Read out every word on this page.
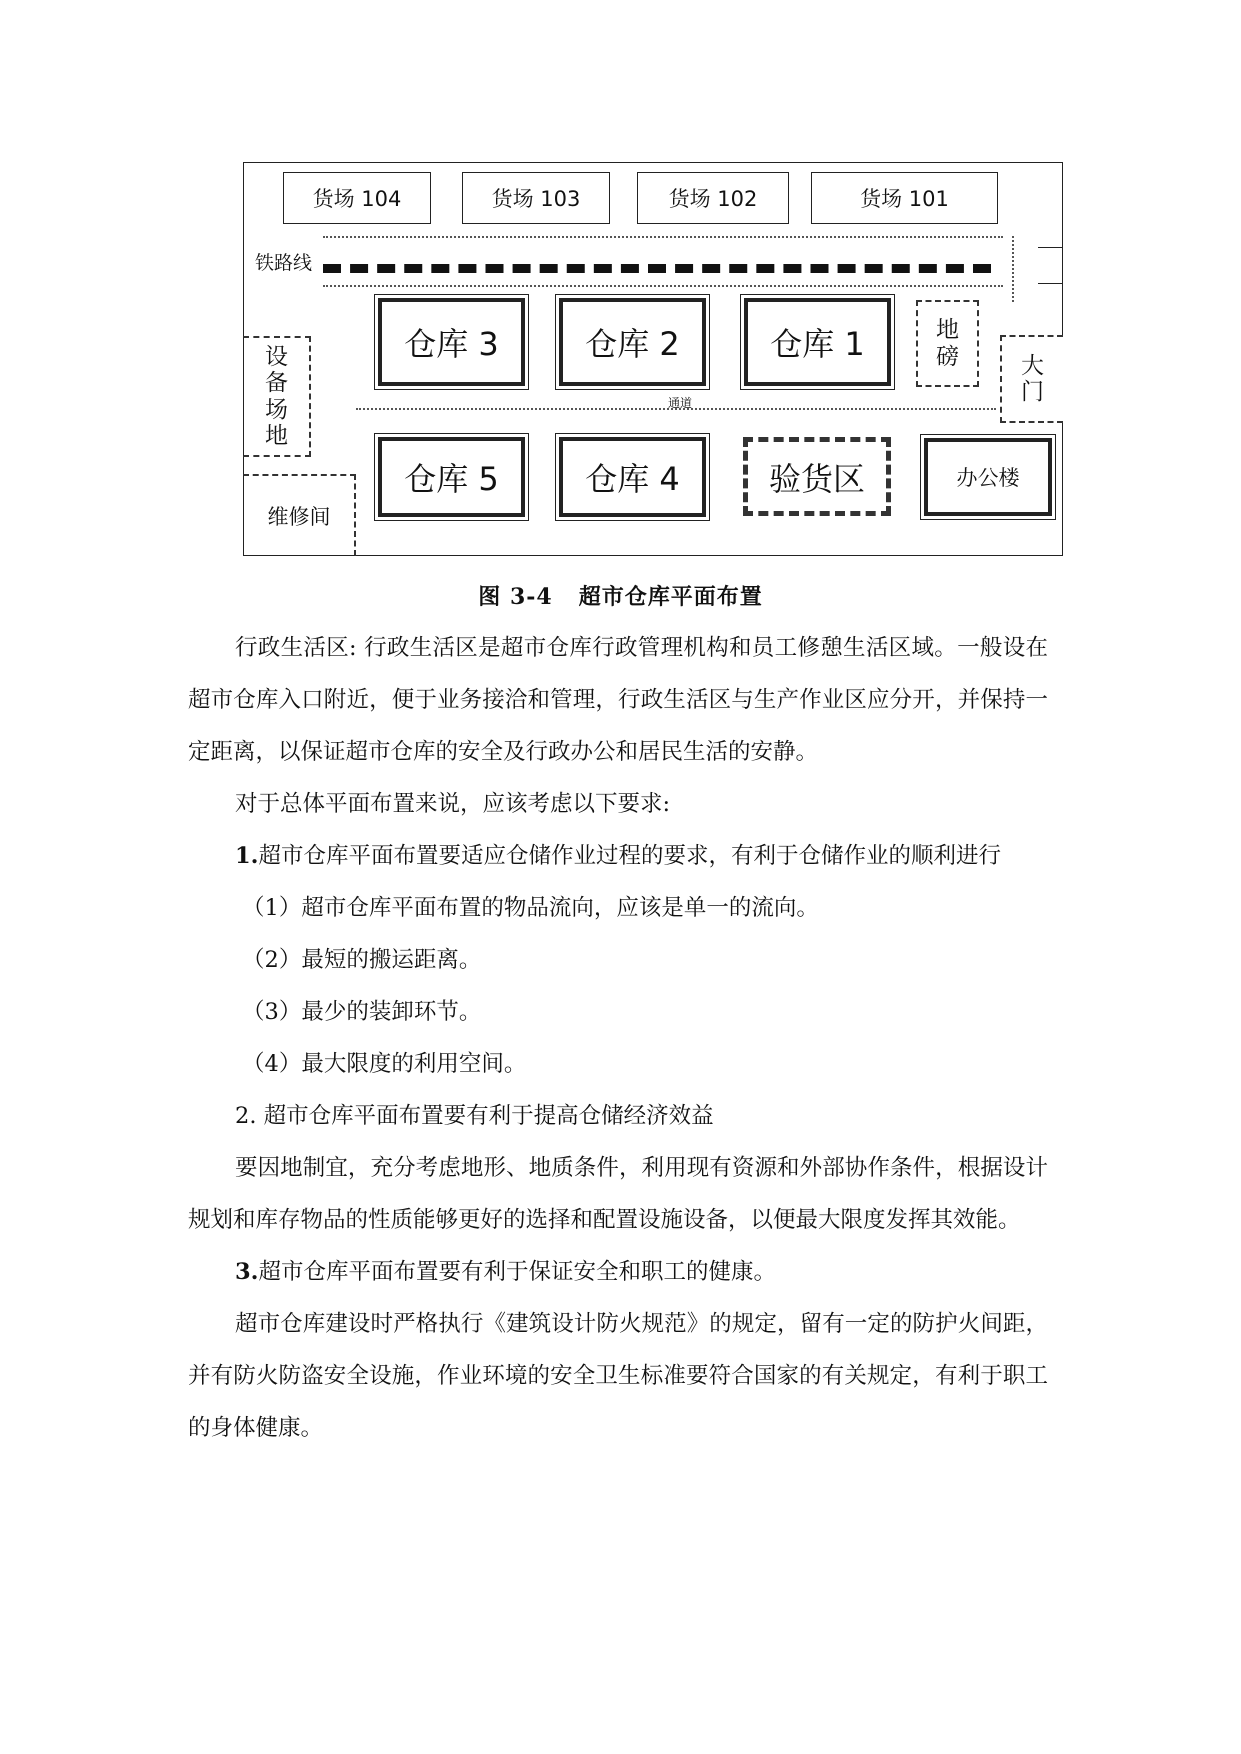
货场 104	货场 103	货场 102	货场 101
铁路线
仓库 3	仓库 2	仓库 1	地
磅	大
门
设
备
场
地
通道
维修间
仓库 5	仓库 4	验货区	办公楼
图 3-4 超市仓库平面布置

行政生活区: 行政生活区是超市仓库行政管理机构和员工修憩生活区域。一般设在超市仓库入口附近，便于业务接洽和管理，行政生活区与生产作业区应分开，并保持一定距离，以保证超市仓库的安全及行政办公和居民生活的安静。

对于总体平面布置来说，应该考虑以下要求:

1.超市仓库平面布置要适应仓储作业过程的要求，有利于仓储作业的顺利进行

（1）超市仓库平面布置的物品流向，应该是单一的流向。

（2）最短的搬运距离。

（3）最少的装卸环节。

（4）最大限度的利用空间。

2. 超市仓库平面布置要有利于提高仓储经济效益

要因地制宜，充分考虑地形、地质条件，利用现有资源和外部协作条件，根据设计规划和库存物品的性质能够更好的选择和配置设施设备，以便最大限度发挥其效能。

3.超市仓库平面布置要有利于保证安全和职工的健康。

超市仓库建设时严格执行《建筑设计防火规范》的规定，留有一定的防护火间距，并有防火防盗安全设施，作业环境的安全卫生标准要符合国家的有关规定，有利于职工的身体健康。
